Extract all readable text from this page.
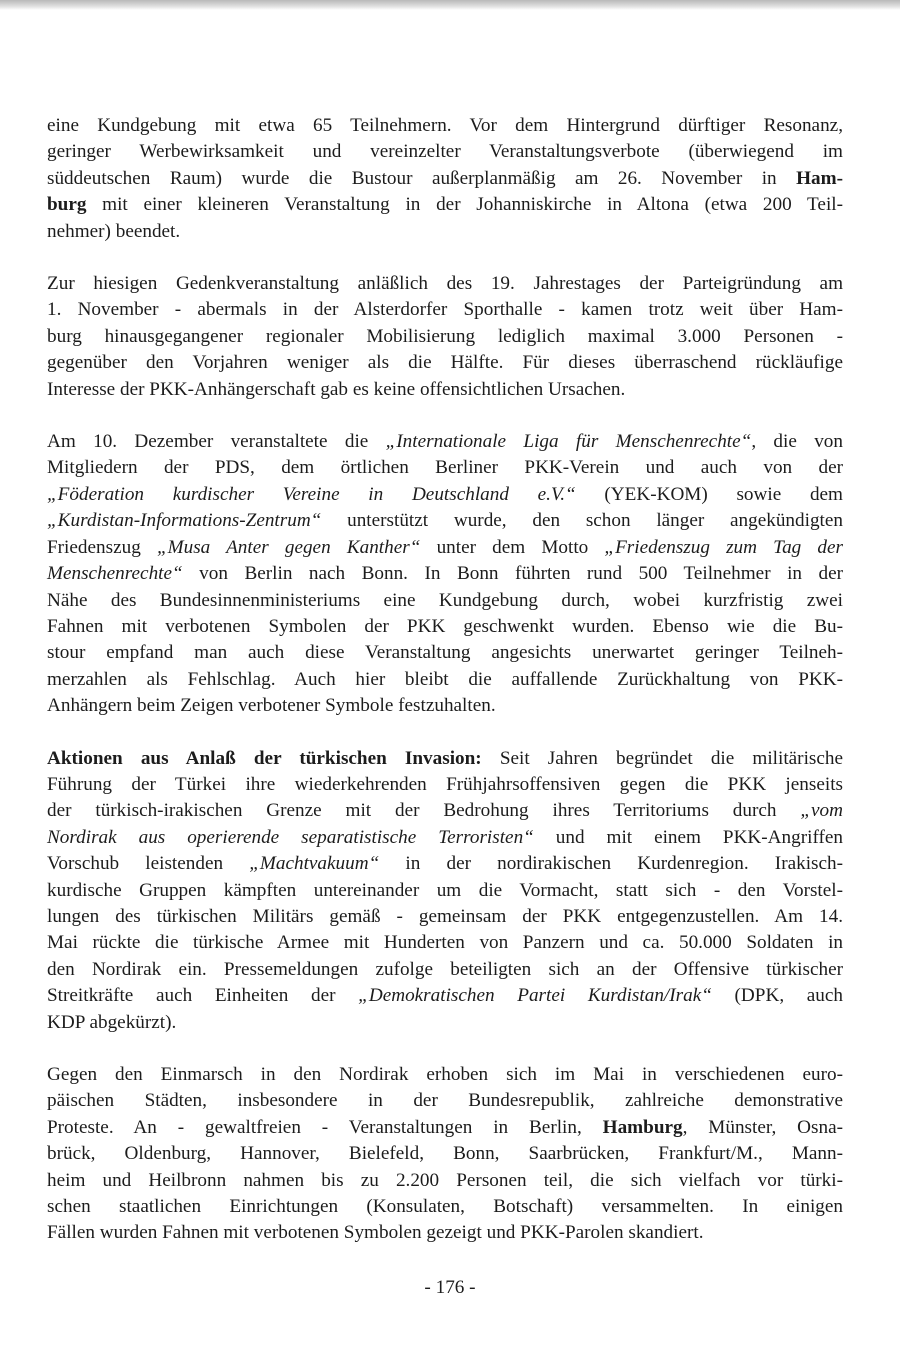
eine Kundgebung mit etwa 65 Teilnehmern. Vor dem Hintergrund dürftiger Resonanz,
geringer Werbewirksamkeit und vereinzelter Veranstaltungsverbote (überwiegend im
süddeutschen Raum) wurde die Bustour außerplanmäßig am 26. November in Ham-
burg mit einer kleineren Veranstaltung in der Johanniskirche in Altona (etwa 200 Teil-
nehmer) beendet.

Zur hiesigen Gedenkveranstaltung anläßlich des 19. Jahrestages der Parteigründung am
1. November - abermals in der Alsterdorfer Sporthalle - kamen trotz weit über Ham-
burg hinausgegangener regionaler Mobilisierung lediglich maximal 3.000 Personen -
gegenüber den Vorjahren weniger als die Hälfte. Für dieses überraschend rückläufige
Interesse der PKK-Anhängerschaft gab es keine offensichtlichen Ursachen.

Am 10. Dezember veranstaltete die „Internationale Liga für Menschenrechte“, die von
Mitgliedern der PDS, dem örtlichen Berliner PKK-Verein und auch von der
„Föderation kurdischer Vereine in Deutschland e.V.“ (YEK-KOM) sowie dem
„Kurdistan-Informations-Zentrum“ unterstützt wurde, den schon länger angekündigten
Friedenszug „Musa Anter gegen Kanther“ unter dem Motto „Friedenszug zum Tag der
Menschenrechte“ von Berlin nach Bonn. In Bonn führten rund 500 Teilnehmer in der
Nähe des Bundesinnenministeriums eine Kundgebung durch, wobei kurzfristig zwei
Fahnen mit verbotenen Symbolen der PKK geschwenkt wurden. Ebenso wie die Bu-
stour empfand man auch diese Veranstaltung angesichts unerwartet geringer Teilneh-
merzahlen als Fehlschlag. Auch hier bleibt die auffallende Zurückhaltung von PKK-
Anhängern beim Zeigen verbotener Symbole festzuhalten.

Aktionen aus Anlaß der türkischen Invasion: Seit Jahren begründet die militärische
Führung der Türkei ihre wiederkehrenden Frühjahrsoffensiven gegen die PKK jenseits
der türkisch-irakischen Grenze mit der Bedrohung ihres Territoriums durch „vom
Nordirak aus operierende separatistische Terroristen“ und mit einem PKK-Angriffen
Vorschub leistenden „Machtvakuum“ in der nordirakischen Kurdenregion. Irakisch-
kurdische Gruppen kämpften untereinander um die Vormacht, statt sich - den Vorstel-
lungen des türkischen Militärs gemäß - gemeinsam der PKK entgegenzustellen. Am 14.
Mai rückte die türkische Armee mit Hunderten von Panzern und ca. 50.000 Soldaten in
den Nordirak ein. Pressemeldungen zufolge beteiligten sich an der Offensive türkischer
Streitkräfte auch Einheiten der „Demokratischen Partei Kurdistan/Irak“ (DPK, auch
KDP abgekürzt).

Gegen den Einmarsch in den Nordirak erhoben sich im Mai in verschiedenen euro-
päischen Städten, insbesondere in der Bundesrepublik, zahlreiche demonstrative
Proteste. An - gewaltfreien - Veranstaltungen in Berlin, Hamburg, Münster, Osna-
brück, Oldenburg, Hannover, Bielefeld, Bonn, Saarbrücken, Frankfurt/M., Mann-
heim und Heilbronn nahmen bis zu 2.200 Personen teil, die sich vielfach vor türki-
schen staatlichen Einrichtungen (Konsulaten, Botschaft) versammelten. In einigen
Fällen wurden Fahnen mit verbotenen Symbolen gezeigt und PKK-Parolen skandiert.

- 176 -
